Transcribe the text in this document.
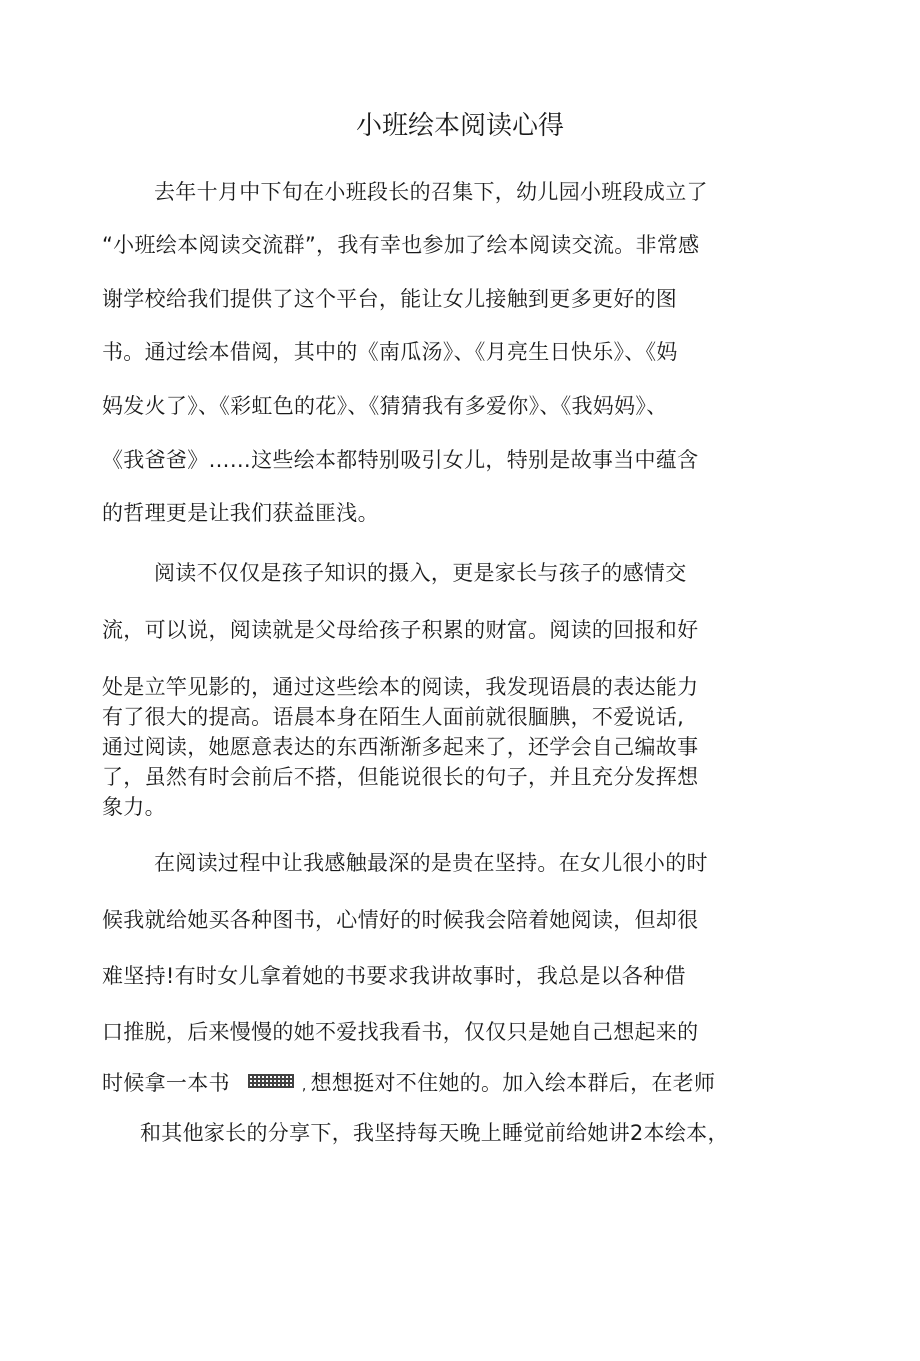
小班绘本阅读心得
去年十月中下旬在小班段长的召集下，幼儿园小班段成立了
“小班绘本阅读交流群”，我有幸也参加了绘本阅读交流。非常感
谢学校给我们提供了这个平台，能让女儿接触到更多更好的图
书。通过绘本借阅，其中的《南瓜汤》、《月亮生日快乐》、《妈
妈发火了》、《彩虹色的花》、《猜猜我有多爱你》、《我妈妈》、
《我爸爸》……这些绘本都特别吸引女儿，特别是故事当中蕴含
的哲理更是让我们获益匪浅。
阅读不仅仅是孩子知识的摄入，更是家长与孩子的感情交
流，可以说，阅读就是父母给孩子积累的财富。阅读的回报和好
处是立竿见影的，通过这些绘本的阅读，我发现语晨的表达能力
有了很大的提高。语晨本身在陌生人面前就很腼腆，不爱说话,
通过阅读，她愿意表达的东西渐渐多起来了，还学会自己编故事
了，虽然有时会前后不搭，但能说很长的句子，并且充分发挥想
象力。
在阅读过程中让我感触最深的是贵在坚持。在女儿很小的时
候我就给她买各种图书，心情好的时候我会陪着她阅读，但却很
难坚持!有时女儿拿着她的书要求我讲故事时，我总是以各种借
口推脱，后来慢慢的她不爱找我看书，仅仅只是她自己想起来的
时候拿一本书	, 想想挺对不住她的。加入绘本群后，在老师
和其他家长的分享下，我坚持每天晚上睡觉前给她讲2本绘本，
